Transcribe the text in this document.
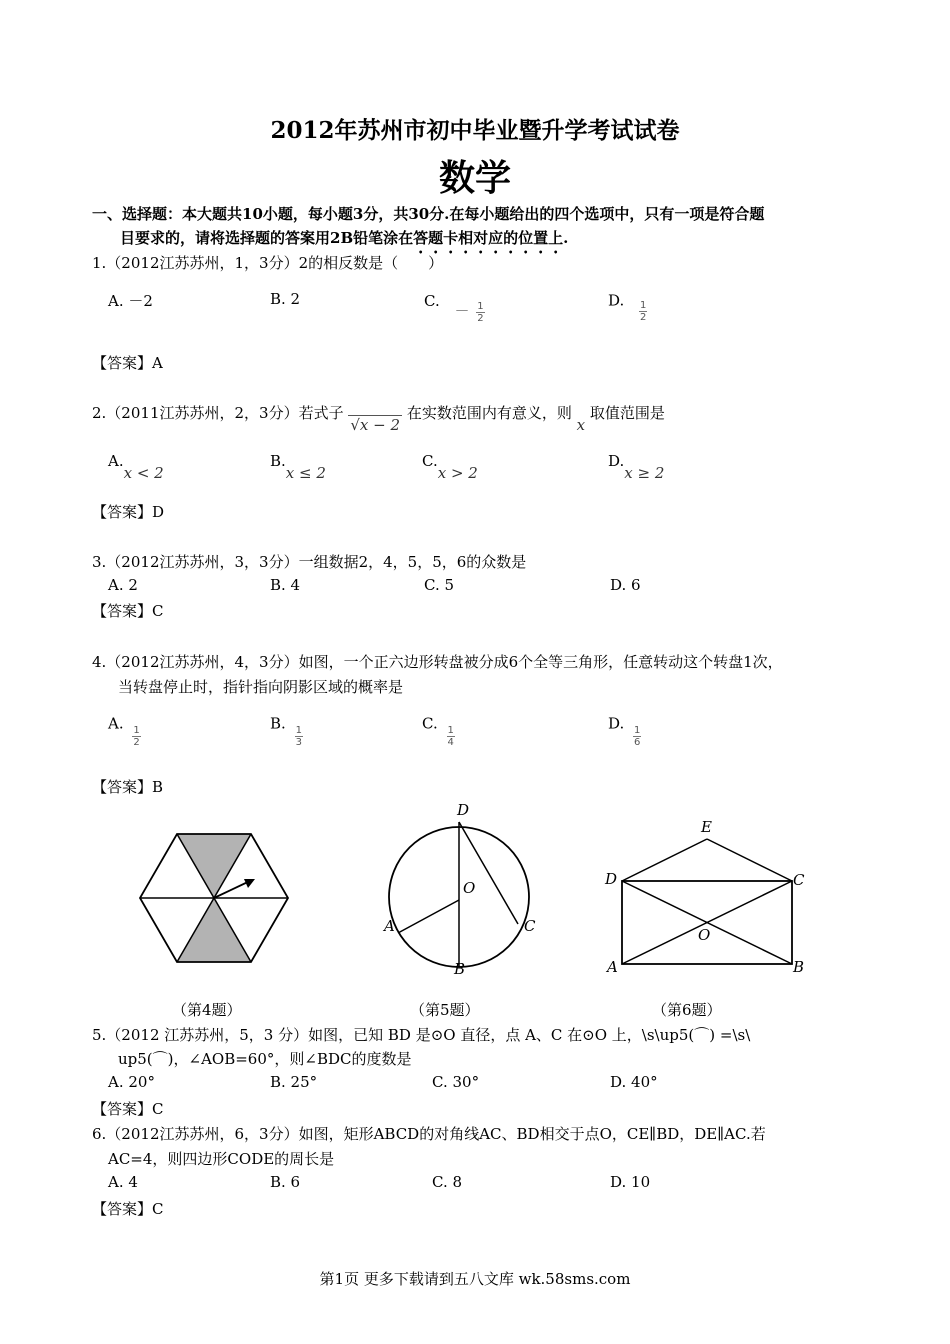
2012年苏州市初中毕业暨升学考试试卷
数学
一、选择题：本大题共10小题，每小题3分，共30分.在每小题给出的四个选项中，只有一项是符合题
目要求的，请将选择题的答案用2B铅笔涂在答题卡相对应的位置上.
1.（2012江苏苏州，1，3分）2的相反数是（　　）
A. －2	B. 2	C. － $\frac{1}{2}$	D. $\frac{1}{2}$
【答案】A
2.（2011江苏苏州，2，3分）若式子 √x − 2 在实数范围内有意义，则 x 取值范围是
A.x < 2
B.x ≤ 2
C.x > 2
D.x ≥ 2
【答案】D
3.（2012江苏苏州，3，3分）一组数据2，4，5，5，6的众数是
A. 2	B. 4	C. 5	D. 6
【答案】C
4.（2012江苏苏州，4，3分）如图，一个正六边形转盘被分成6个全等三角形，任意转动这个转盘1次，
当转盘停止时，指针指向阴影区域的概率是
A.
$\frac{1}{2}$
B.
$\frac{1}{3}$
C.
$\frac{1}{4}$
D.
$\frac{1}{6}$
【答案】B
D
O
A	C
B
E
D	C
O
A	B
（第4题）	（第5题）	（第6题）
5.（2012 江苏苏州，5，3 分）如图，已知 BD 是⊙O 直径，点 A、C 在⊙O 上，\s\up5(⌒) =\s\
up5(⌒)，∠AOB=60°，则∠BDC的度数是
A. 20°	B. 25°	C. 30°	D. 40°
【答案】C
6.（2012江苏苏州，6，3分）如图，矩形ABCD的对角线AC、BD相交于点O，CE∥BD，DE∥AC.若
AC=4，则四边形CODE的周长是
A. 4	B. 6	C. 8	D. 10
【答案】C
第1页 更多下载请到五八文库 wk.58sms.com
